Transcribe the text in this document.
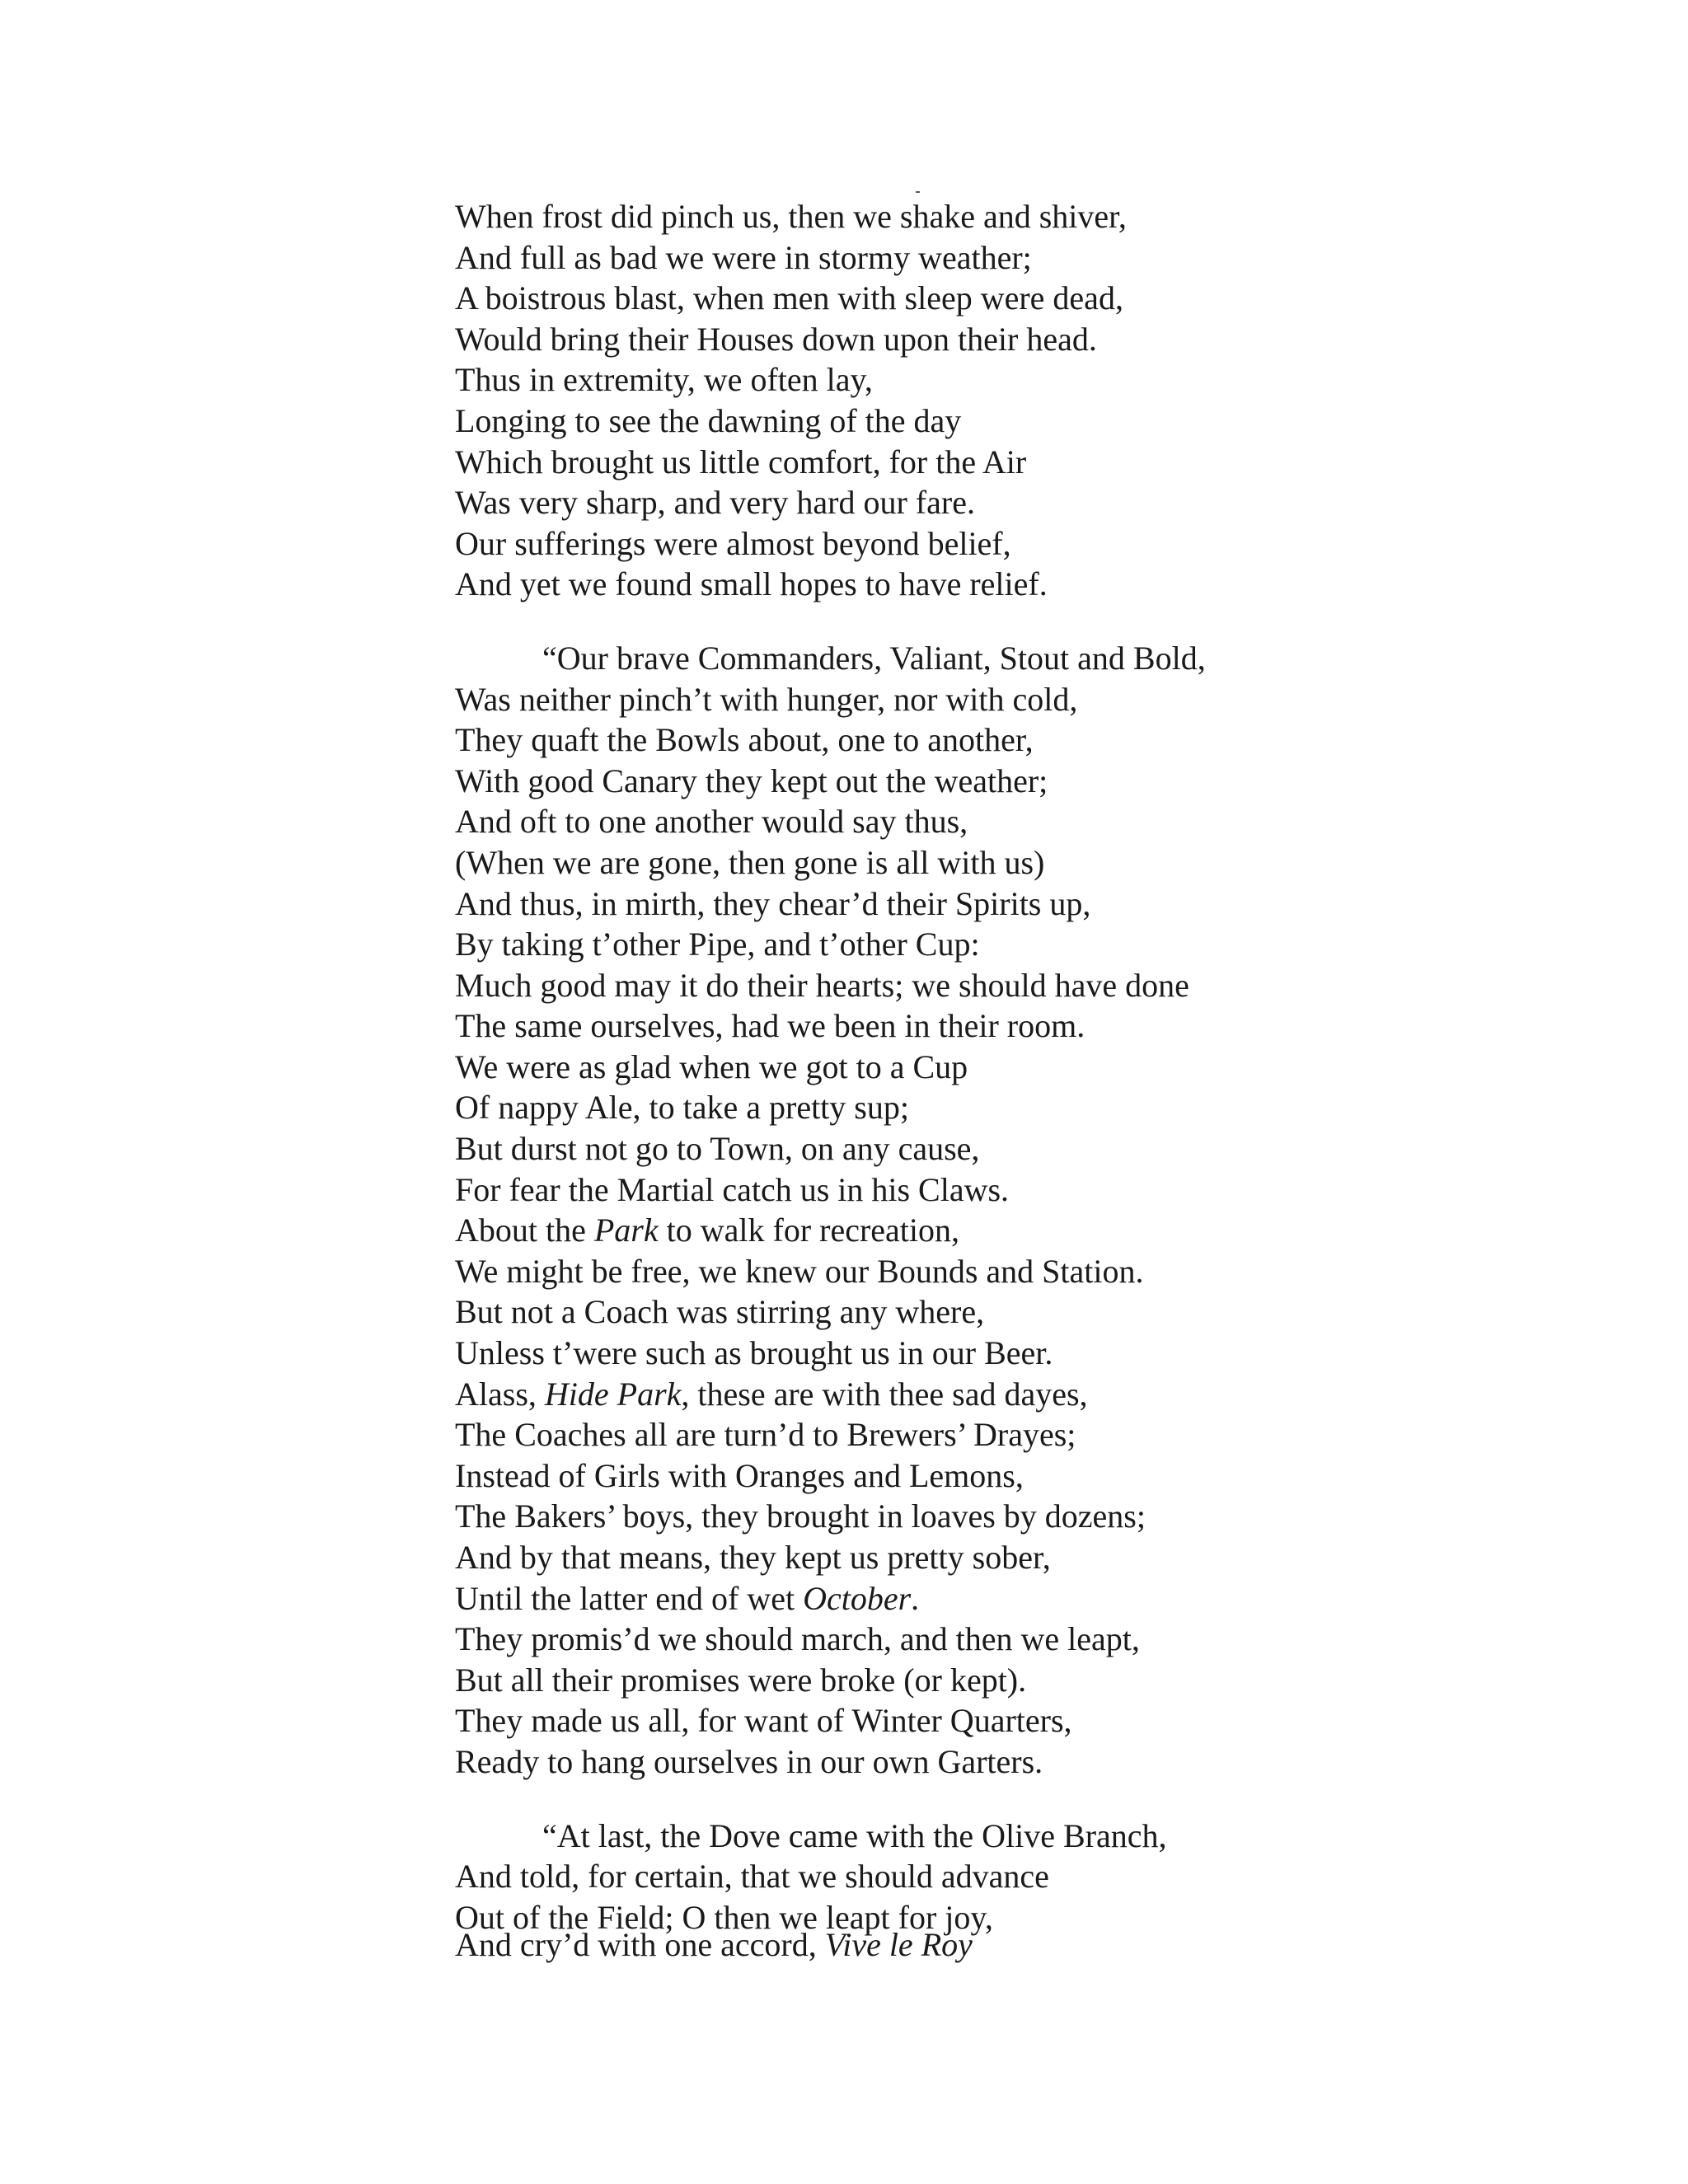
When frost did pinch us, then we shake and shiver,
And full as bad we were in stormy weather;
A boistrous blast, when men with sleep were dead,
Would bring their Houses down upon their head.
Thus in extremity, we often lay,
Longing to see the dawning of the day
Which brought us little comfort, for the Air
Was very sharp, and very hard our fare.
Our sufferings were almost beyond belief,
And yet we found small hopes to have relief.
“Our brave Commanders, Valiant, Stout and Bold,
Was neither pinch’t with hunger, nor with cold,
They quaft the Bowls about, one to another,
With good Canary they kept out the weather;
And oft to one another would say thus,
(When we are gone, then gone is all with us)
And thus, in mirth, they chear’d their Spirits up,
By taking t’other Pipe, and t’other Cup:
Much good may it do their hearts; we should have done
The same ourselves, had we been in their room.
We were as glad when we got to a Cup
Of nappy Ale, to take a pretty sup;
But durst not go to Town, on any cause,
For fear the Martial catch us in his Claws.
About the Park to walk for recreation,
We might be free, we knew our Bounds and Station.
But not a Coach was stirring any where,
Unless t’were such as brought us in our Beer.
Alass, Hide Park, these are with thee sad dayes,
The Coaches all are turn’d to Brewers’ Drayes;
Instead of Girls with Oranges and Lemons,
The Bakers’ boys, they brought in loaves by dozens;
And by that means, they kept us pretty sober,
Until the latter end of wet October.
They promis’d we should march, and then we leapt,
But all their promises were broke (or kept).
They made us all, for want of Winter Quarters,
Ready to hang ourselves in our own Garters.
“At last, the Dove came with the Olive Branch,
And told, for certain, that we should advance
Out of the Field; O then we leapt for joy,
And cry’d with one accord, Vive le Roy
